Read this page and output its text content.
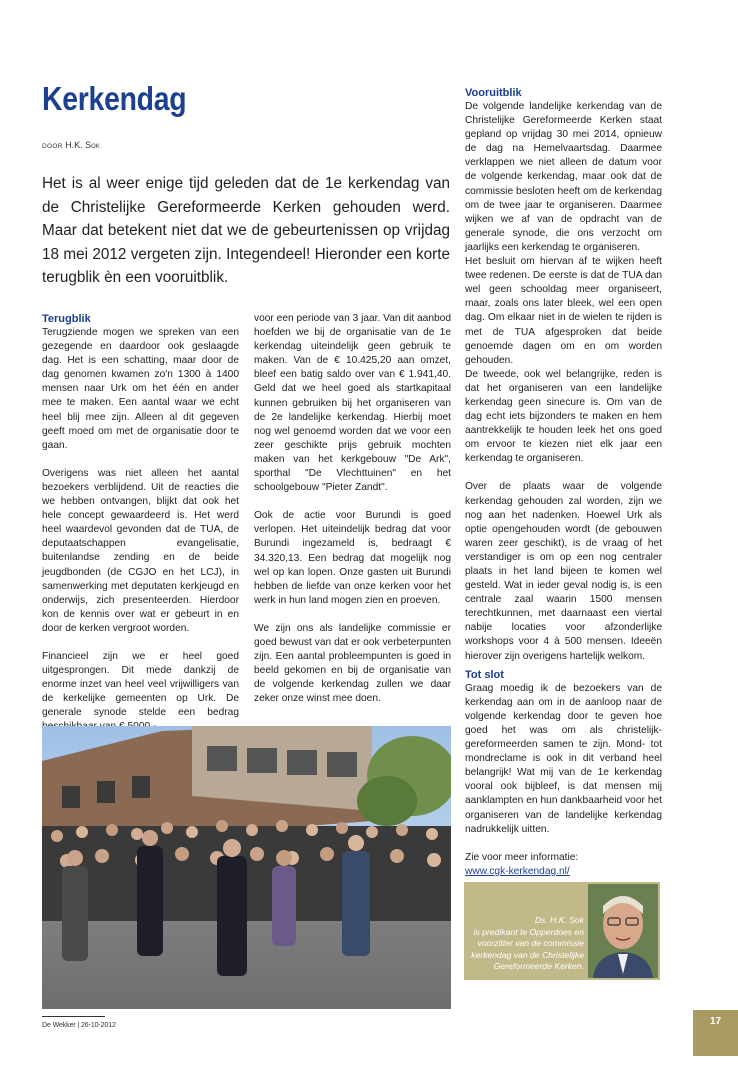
Kerkendag
DOOR H.K. Sok
Het is al weer enige tijd geleden dat de 1e kerkendag van de Christelijke Gereformeerde Kerken gehouden werd. Maar dat betekent niet dat we de gebeurtenissen op vrijdag 18 mei 2012 vergeten zijn. Integendeel! Hieronder een korte terugblik èn een vooruitblik.
Terugblik

Terugziende mogen we spreken van een gezegende en daardoor ook geslaagde dag. Het is een schatting, maar door de dag genomen kwamen zo'n 1300 à 1400 mensen naar Urk om het één en ander mee te maken. Een aantal waar we echt heel blij mee zijn. Alleen al dit gegeven geeft moed om met de organisatie door te gaan.

Overigens was niet alleen het aantal bezoekers verblijdend. Uit de reacties die we hebben ontvangen, blijkt dat ook het hele concept gewaardeerd is. Het werd heel waardevol gevonden dat de TUA, de deputaatschappen evangelisatie, buitenlandse zending en de beide jeugdbonden (de CGJO en het LCJ), in samenwerking met deputaten kerkjeugd en onderwijs, zich presenteerden. Hierdoor kon de kennis over wat er gebeurt in en door de kerken vergroot worden.

Financieel zijn we er heel goed uitgesprongen. Dit mede dankzij de enorme inzet van heel veel vrijwilligers van de kerkelijke gemeenten op Urk. De generale synode stelde een bedrag

voor een periode van 3 jaar. Van dit aanbod hoefden we bij de organisatie van de 1e kerkendag uiteindelijk geen gebruik te maken. Van de € 10.425,20 aan omzet, bleef een batig saldo over van € 1.941,40. Geld dat we heel goed als startkapitaal kunnen gebruiken bij het organiseren van de 2e landelijke kerkendag. Hierbij moet nog wel genoemd worden dat we voor een zeer geschikte prijs gebruik mochten maken van het kerkgebouw "De Ark", sporthal "De Vlechttuinen" en het schoolgebouw "Pieter Zandt".

Ook de actie voor Burundi is goed verlopen. Het uiteindelijk bedrag dat voor Burundi ingezameld is, bedraagt € 34.320,13. Een bedrag dat mogelijk nog wel op kan lopen. Onze gasten uit Burundi hebben de liefde van onze kerken voor het werk in hun land mogen zien en proeven.

We zijn ons als landelijke commissie er goed bewust van dat er ook verbeterpunten zijn. Een aantal probleempunten is goed in beeld gekomen en bij de organisatie van de volgende kerkendag zullen we daar zeker onze winst mee doen.

Vooruitblik

De volgende landelijke kerkendag van de Christelijke Gereformeerde Kerken staat gepland op vrijdag 30 mei 2014, opnieuw de dag na Hemelvaartsdag. Daarmee verklappen we niet alleen de datum voor de volgende kerkendag, maar ook dat de commissie besloten heeft om de kerkendag om de twee jaar te organiseren. Daarmee wijken we af van de opdracht van de generale synode, die ons verzocht om jaarlijks een kerkendag te organiseren.

Het besluit om hiervan af te wijken heeft twee redenen. De eerste is dat de TUA dan wel geen schooldag meer organiseert, maar, zoals ons later bleek, wel een open dag. Om elkaar niet in de wielen te rijden is met de TUA afgesproken dat beide genoemde dagen om en om worden gehouden.

De tweede, ook wel belangrijke, reden is dat het organiseren van een landelijke kerkendag geen sinecure is. Om van de dag echt iets bijzonders te maken en hem aantrekkelijk te houden leek het ons goed om ervoor te kiezen niet elk jaar een kerkendag te organiseren.

Over de plaats waar de volgende kerkendag gehouden zal worden, zijn we nog aan het nadenken. Hoewel Urk als optie opengehouden wordt (de gebouwen waren zeer geschikt), is de vraag of het verstandiger is om op een nog centraler plaats in het land bijeen te komen wel gesteld. Wat in ieder geval nodig is, is een centrale zaal waarin 1500 mensen terechtkunnen, met daarnaast een viertal nabije locaties voor afzonderlijke workshops voor 4 à 500 mensen. Ideeën hierover zijn overigens hartelijk welkom.

Tot slot

Graag moedig ik de bezoekers van de kerkendag aan om in de aanloop naar de volgende kerkendag door te geven hoe goed het was om als christelijk-gereformeerden samen te zijn. Mond- tot mondreclame is ook in dit verband heel belangrijk! Wat mij van de 1e kerkendag vooral ook bijbleef, is dat mensen mij aanklampten en hun dankbaarheid voor het organiseren van de landelijke kerkendag nadrukkelijk uitten.

Zie voor meer informatie:

www.cgk-kerkendag.nl/

Ds. H.K. Sok
is predikant te Opperdoes en voorzitter van de commissie kerkendag van de Christelijke Gereformeerde Kerken.
De Wekker | 26-10-2012	17
